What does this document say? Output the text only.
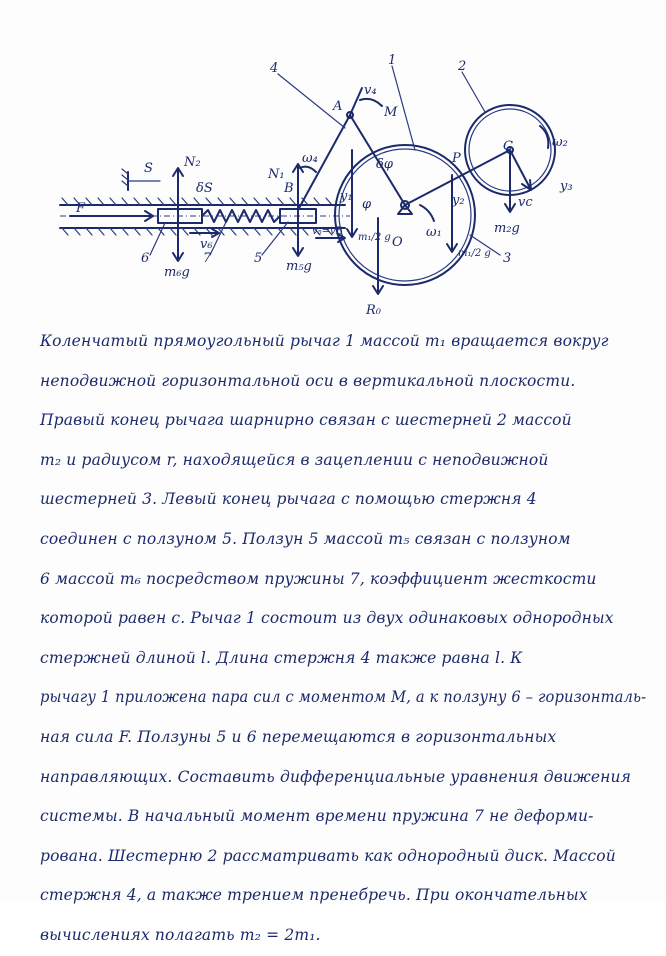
4
1	2
3
5
6	7
A
B
C
P
O
S
φ
v₄
M
N₂
N₁
ω₄
ω₂
ω₁
δS
δφ
F
v₆
v₅=vB
vc
y₁	y₂
y₃
m₆g	m₅g
m₁/2 g
m₁/2 g
m₂g
R₀
Коленчатый прямоугольный рычаг 1 массой m₁ вращается вокруг
неподвижной горизонтальной оси в вертикальной плоскости.
Правый конец рычага шарнирно связан с шестерней 2 массой
m₂ и радиусом r, находящейся в зацеплении с неподвижной
шестерней 3. Левый конец рычага с помощью стержня 4
соединен с ползуном 5. Ползун 5 массой m₅ связан с ползуном
6 массой m₆ посредством пружины 7, коэффициент жесткости
которой равен с. Рычаг 1 состоит из двух одинаковых однородных
стержней длиной l. Длина стержня 4 также равна l. К
рычагу 1 приложена пара сил с моментом M, а к ползуну 6 – горизонталь-
ная сила F. Ползуны 5 и 6 перемещаются в горизонтальных
направляющих. Составить дифференциальные уравнения движения
системы. В начальный момент времени пружина 7 не деформи-
рована. Шестерню 2 рассматривать как однородный диск. Массой
стержня 4, а также трением пренебречь. При окончательных
вычислениях полагать m₂ = 2m₁.
